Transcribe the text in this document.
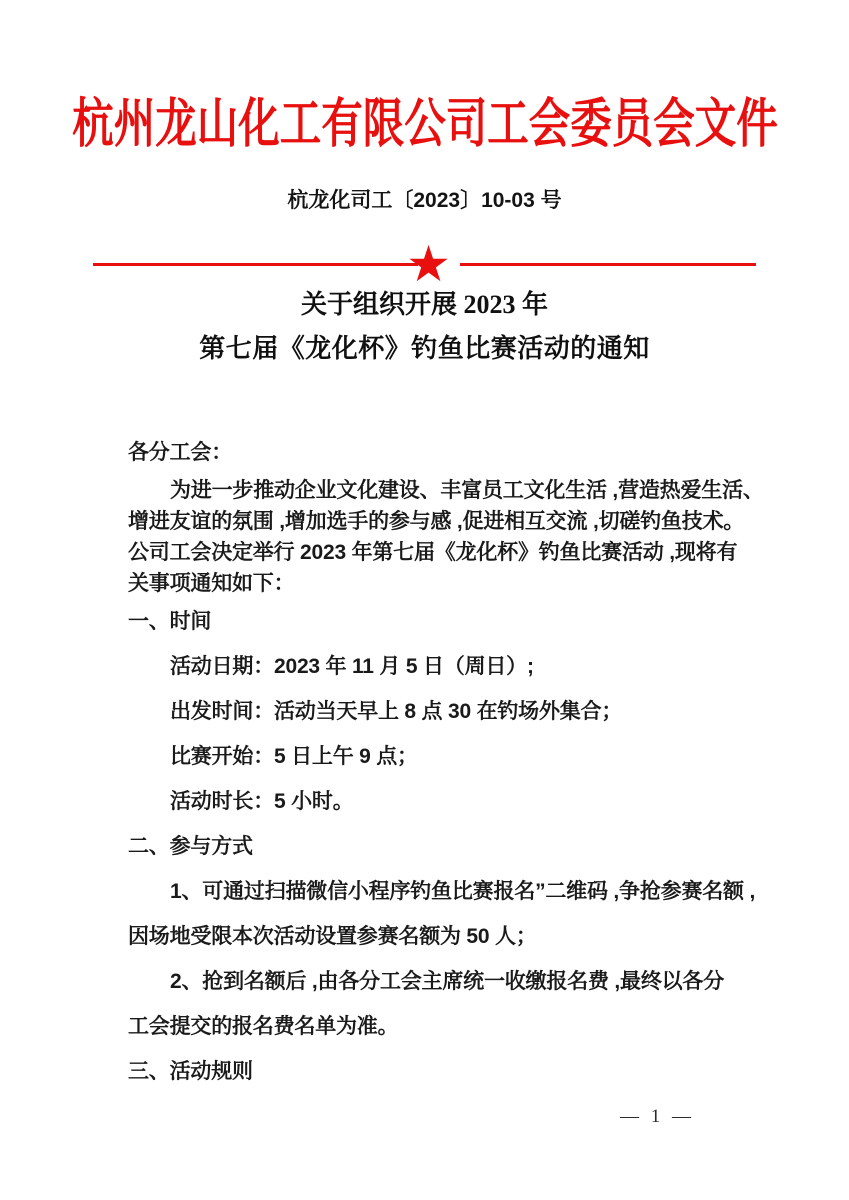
杭州龙山化工有限公司工会委员会文件
杭龙化司工〔2023〕10-03 号
★
关于组织开展 2023 年
第七届《龙化杯》钓鱼比赛活动的通知
各分工会：
为进一步推动企业文化建设、丰富员工文化生活 ,营造热爱生活、
增进友谊的氛围 ,增加选手的参与感 ,促进相互交流 ,切磋钓鱼技术。
公司工会决定举行 2023 年第七届《龙化杯》钓鱼比赛活动 ,现将有
关事项通知如下：
一、时间
活动日期：2023 年 11 月 5 日（周日）;
出发时间：活动当天早上 8 点 30 在钓场外集合；
比赛开始：5 日上午 9 点；
活动时长：5 小时。
二、参与方式
1、可通过扫描微信小程序钓鱼比赛报名”二维码 ,争抢参赛名额 ,
因场地受限本次活动设置参赛名额为 50 人；
2、抢到名额后 ,由各分工会主席统一收缴报名费 ,最终以各分
工会提交的报名费名单为准。
三、活动规则
— 1 —
